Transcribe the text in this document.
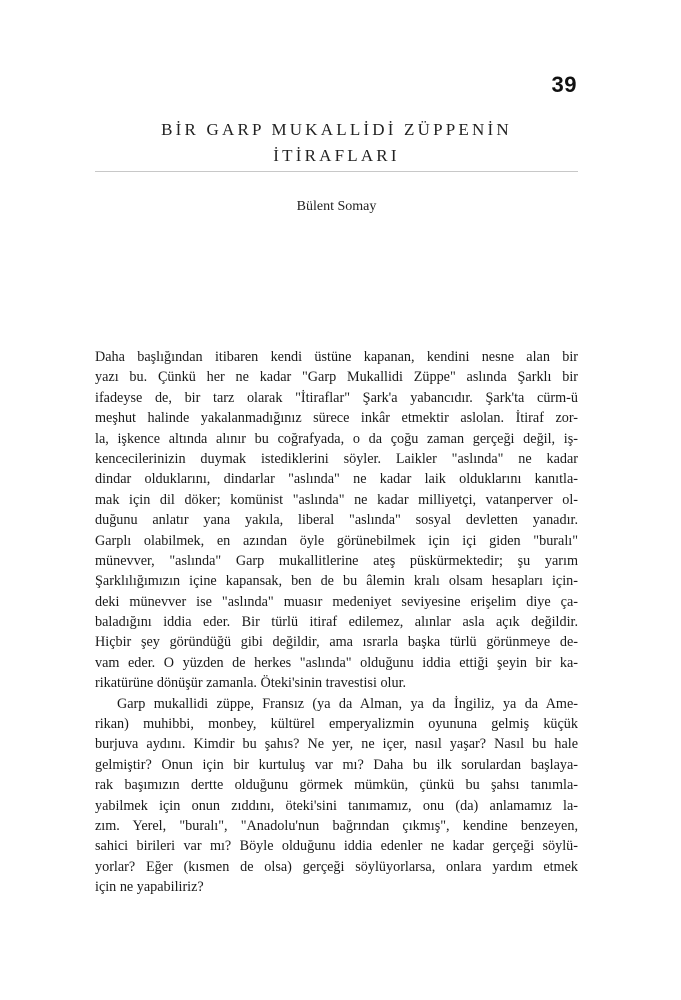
39
BİR GARP MUKALLİDİ ZÜPPENİN
İTİRAFLARI
Bülent Somay
Daha başlığından itibaren kendi üstüne kapanan, kendini nesne alan bir
yazı bu. Çünkü her ne kadar "Garp Mukallidi Züppe" aslında Şarklı bir
ifadeyse de, bir tarz olarak "İtiraflar" Şark'a yabancıdır. Şark'ta cürm-ü
meşhut halinde yakalanmadığınız sürece inkâr etmektir aslolan. İtiraf zor-
la, işkence altında alınır bu coğrafyada, o da çoğu zaman gerçeği değil, iş-
kencecilerinizin duymak istediklerini söyler. Laikler "aslında" ne kadar
dindar olduklarını, dindarlar "aslında" ne kadar laik olduklarını kanıtla-
mak için dil döker; komünist "aslında" ne kadar milliyetçi, vatanperver ol-
duğunu anlatır yana yakıla, liberal "aslında" sosyal devletten yanadır.
Garplı olabilmek, en azından öyle görünebilmek için içi giden "buralı"
münevver, "aslında" Garp mukallitlerine ateş püskürmektedir; şu yarım
Şarklılığımızın içine kapansak, ben de bu âlemin kralı olsam hesapları için-
deki münevver ise "aslında" muasır medeniyet seviyesine erişelim diye ça-
baladığını iddia eder. Bir türlü itiraf edilemez, alınlar asla açık değildir.
Hiçbir şey göründüğü gibi değildir, ama ısrarla başka türlü görünmeye de-
vam eder. O yüzden de herkes "aslında" olduğunu iddia ettiği şeyin bir ka-
rikatürüne dönüşür zamanla. Öteki'sinin travestisi olur.
Garp mukallidi züppe, Fransız (ya da Alman, ya da İngiliz, ya da Ame-
rikan) muhibbi, monbey, kültürel emperyalizmin oyununa gelmiş küçük
burjuva aydını. Kimdir bu şahıs? Ne yer, ne içer, nasıl yaşar? Nasıl bu hale
gelmiştir? Onun için bir kurtuluş var mı? Daha bu ilk sorulardan başlaya-
rak başımızın dertte olduğunu görmek mümkün, çünkü bu şahsı tanımla-
yabilmek için onun zıddını, öteki'sini tanımamız, onu (da) anlamamız la-
zım. Yerel, "buralı", "Anadolu'nun bağrından çıkmış", kendine benzeyen,
sahici birileri var mı? Böyle olduğunu iddia edenler ne kadar gerçeği söylü-
yorlar? Eğer (kısmen de olsa) gerçeği söylüyorlarsa, onlara yardım etmek
için ne yapabiliriz?
